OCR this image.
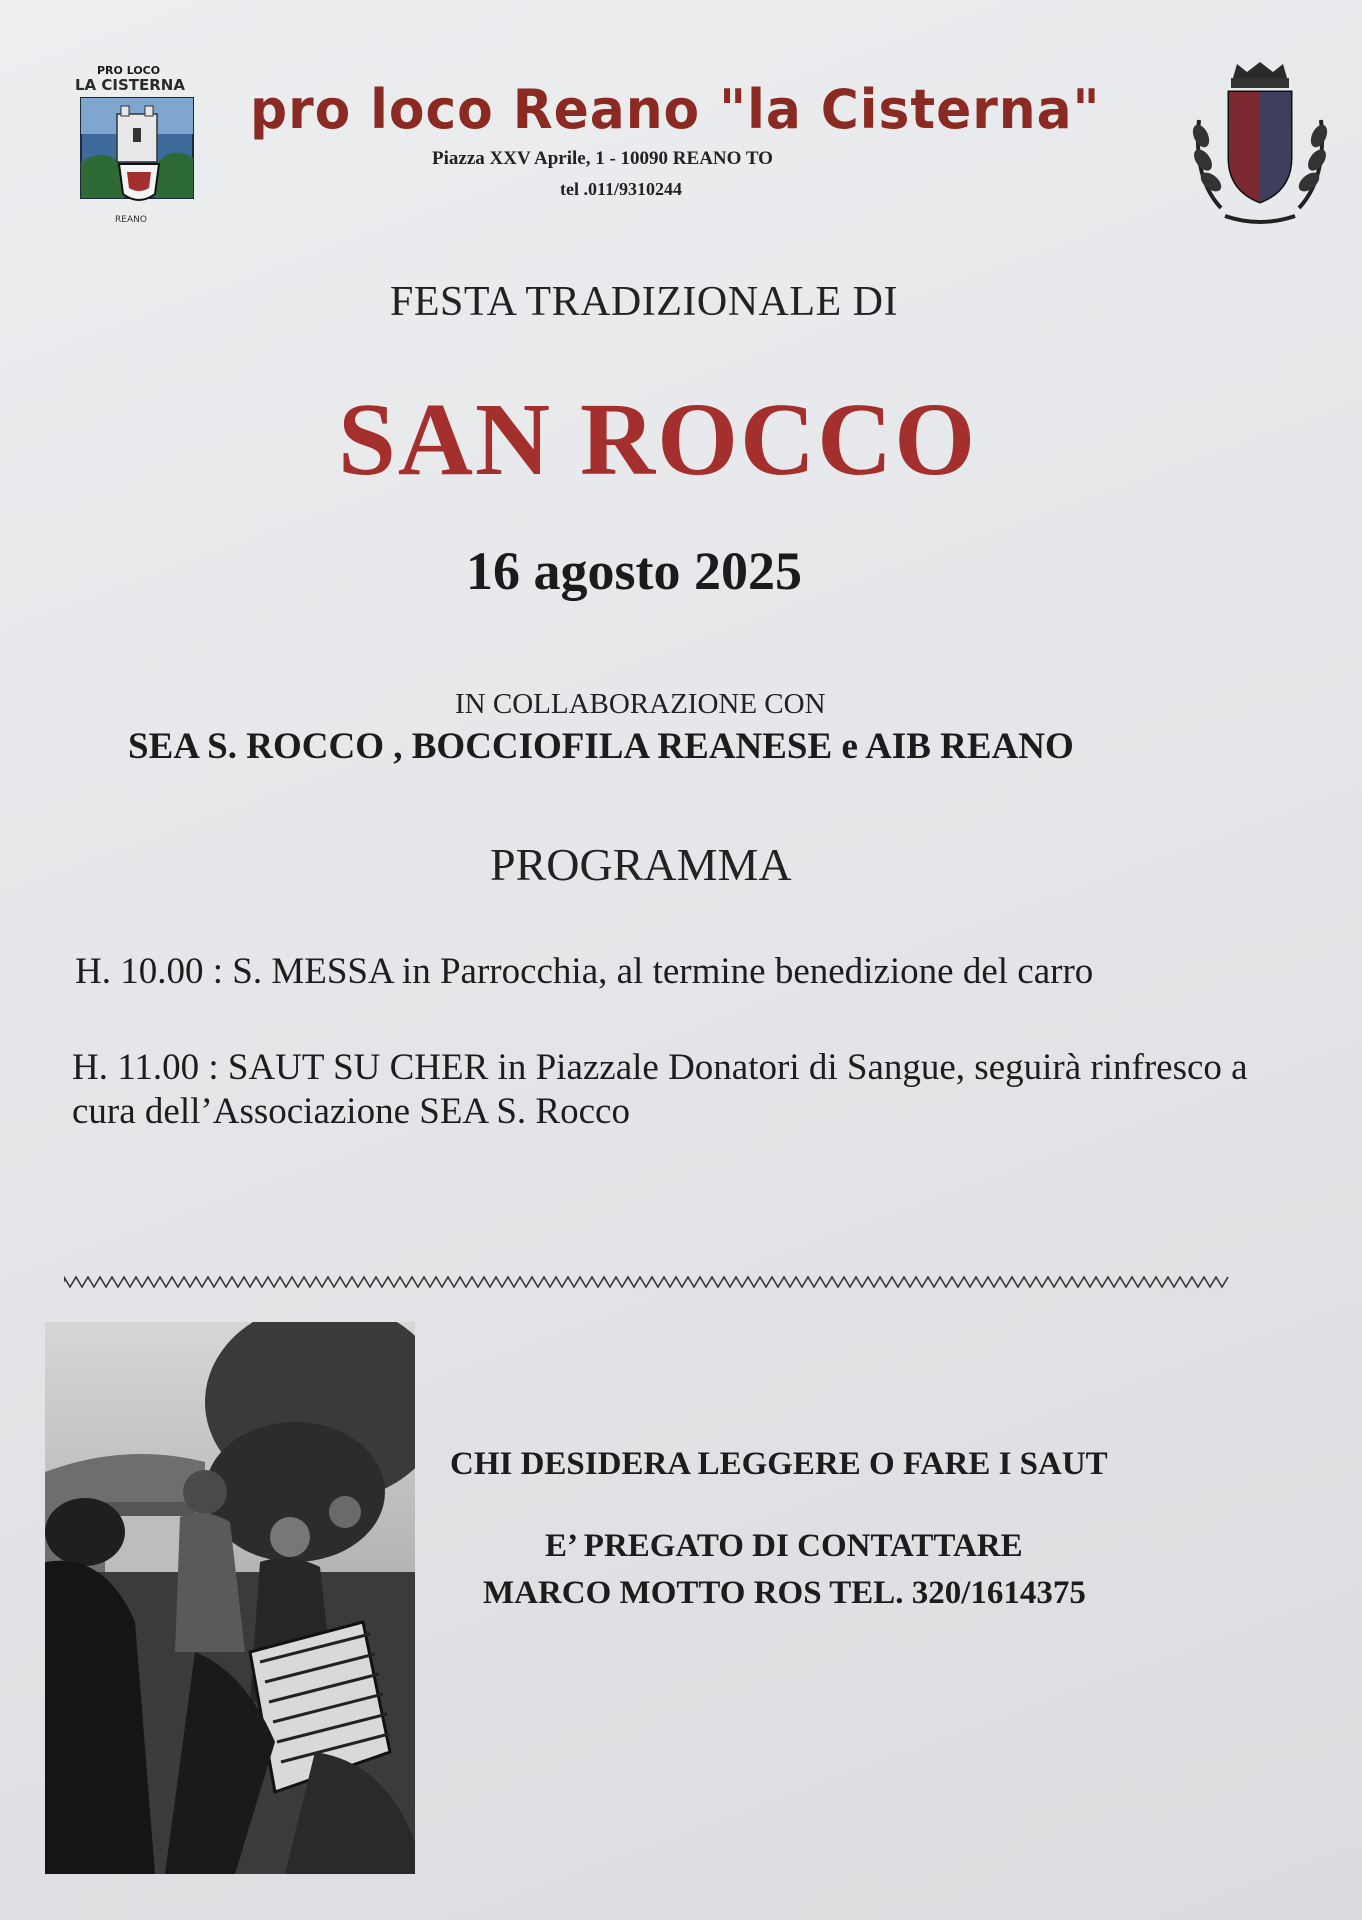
PRO LOCO
LA CISTERNA
REANO
pro loco Reano "la Cisterna"
Piazza XXV Aprile, 1 - 10090 REANO TO
tel .011/9310244
FESTA TRADIZIONALE DI
SAN ROCCO
16 agosto 2025
IN COLLABORAZIONE CON
SEA S. ROCCO , BOCCIOFILA REANESE e AIB REANO
PROGRAMMA
H. 10.00 : S. MESSA in Parrocchia, al termine benedizione del carro
H. 11.00 : SAUT SU CHER in Piazzale Donatori di Sangue, seguirà rinfresco a cura dell’Associazione SEA S. Rocco
CHI DESIDERA LEGGERE O FARE I SAUT
E’ PREGATO DI CONTATTARE
MARCO MOTTO ROS TEL. 320/1614375
